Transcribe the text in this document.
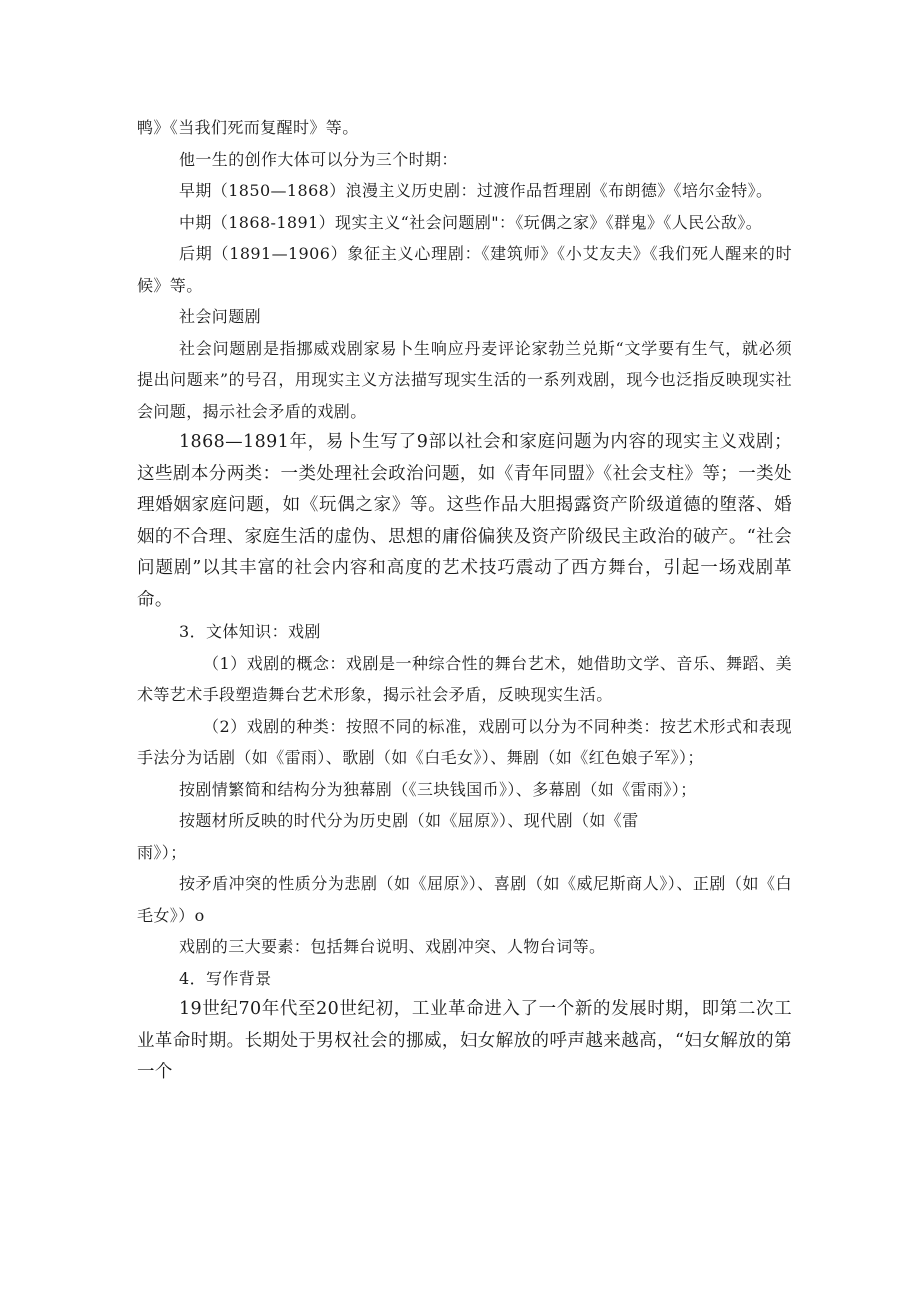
鸭》《当我们死而复醒时》等。

他一生的创作大体可以分为三个时期：

早期（1850—1868）浪漫主义历史剧：过渡作品哲理剧《布朗德》《培尔金特》。

中期（1868-1891）现实主义“社会问题剧"：《玩偶之家》《群鬼》《人民公敌》。

后期（1891—1906）象征主义心理剧：《建筑师》《小艾友夫》《我们死人醒来的时候》等。

社会问题剧

社会问题剧是指挪威戏剧家易卜生响应丹麦评论家勃兰兑斯“文学要有生气，就必须提出问题来”的号召，用现实主义方法描写现实生活的一系列戏剧，现今也泛指反映现实社会问题，揭示社会矛盾的戏剧。

1868—1891年，易卜生写了9部以社会和家庭问题为内容的现实主义戏剧；这些剧本分两类：一类处理社会政治问题，如《青年同盟》《社会支柱》等；一类处理婚姻家庭问题，如《玩偶之家》等。这些作品大胆揭露资产阶级道德的堕落、婚姻的不合理、家庭生活的虚伪、思想的庸俗偏狭及资产阶级民主政治的破产。“社会问题剧”以其丰富的社会内容和高度的艺术技巧震动了西方舞台，引起一场戏剧革命。

3．文体知识：戏剧

（1）戏剧的概念：戏剧是一种综合性的舞台艺术，她借助文学、音乐、舞蹈、美术等艺术手段塑造舞台艺术形象，揭示社会矛盾，反映现实生活。

（2）戏剧的种类：按照不同的标准，戏剧可以分为不同种类：按艺术形式和表现手法分为话剧（如《雷雨）、歌剧（如《白毛女》）、舞剧（如《红色娘子军》）；

按剧情繁简和结构分为独幕剧（《三块钱国币》）、多幕剧（如《雷雨》）；

按题材所反映的时代分为历史剧（如《屈原》）、现代剧（如《雷

雨》）；

按矛盾冲突的性质分为悲剧（如《屈原》）、喜剧（如《威尼斯商人》）、正剧（如《白毛女》）o

戏剧的三大要素：包括舞台说明、戏剧冲突、人物台词等。

4．写作背景

19世纪70年代至20世纪初，工业革命进入了一个新的发展时期，即第二次工业革命时期。长期处于男权社会的挪威，妇女解放的呼声越来越高，“妇女解放的第一个
